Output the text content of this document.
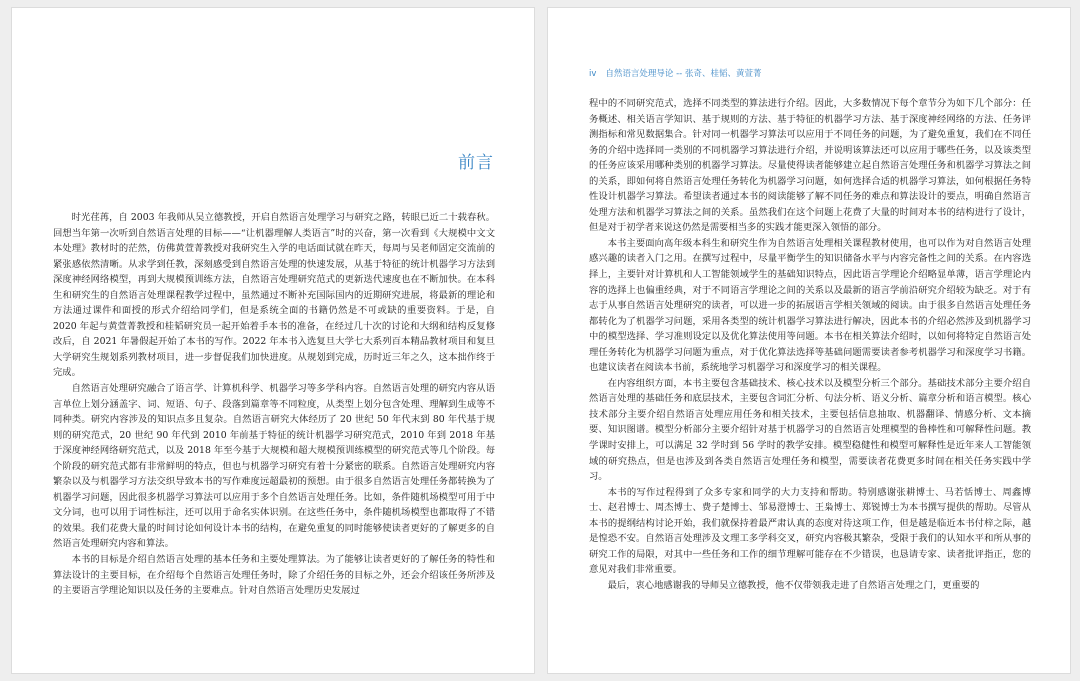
前言

时光荏苒，自 2003 年我师从吴立德教授，开启自然语言处理学习与研究之路，转眼已近二十载春秋。回想当年第一次听到自然语言处理的目标——“让机器理解人类语言”时的兴奋，第一次看到《大规模中文文本处理》教材时的茫然，仿佛黄萱菁教授对我研究生入学的电话面试就在昨天，每周与吴老师固定交流前的紧张感依然清晰。从求学到任教，深刻感受到自然语言处理的快速发展，从基于特征的统计机器学习方法到深度神经网络模型，再到大规模预训练方法，自然语言处理研究范式的更新迭代速度也在不断加快。在本科生和研究生的自然语言处理课程教学过程中，虽然通过不断补充国际国内的近期研究进展，将最新的理论和方法通过课件和面授的形式介绍给同学们，但是系统全面的书籍仍然是不可或缺的重要资料。于是，自 2020 年起与黄萱菁教授和桂韬研究员一起开始着手本书的准备，在经过几十次的讨论和大纲和结构反复修改后，自 2021 年暑假起开始了本书的写作。2022 年本书入选复旦大学七大系列百本精品教材项目和复旦大学研究生规划系列教材项目，进一步督促我们加快进度。从规划到完成，历时近三年之久，这本拙作终于完成。

自然语言处理研究融合了语言学、计算机科学、机器学习等多学科内容。自然语言处理的研究内容从语言单位上划分涵盖字、词、短语、句子、段落到篇章等不同粒度，从类型上划分包含处理、理解到生成等不同种类。研究内容涉及的知识点多且复杂。自然语言研究大体经历了 20 世纪 50 年代末到 80 年代基于规则的研究范式，20 世纪 90 年代到 2010 年前基于特征的统计机器学习研究范式，2010 年到 2018 年基于深度神经网络研究范式，以及 2018 年至今基于大规模和超大规模预训练模型的研究范式等几个阶段。每个阶段的研究范式都有非常鲜明的特点，但也与机器学习研究有着十分紧密的联系。自然语言处理研究内容繁杂以及与机器学习方法交织导致本书的写作难度远超最初的预想。由于很多自然语言处理任务都转换为了机器学习问题，因此很多机器学习算法可以应用于多个自然语言处理任务。比如，条件随机场模型可用于中文分词，也可以用于词性标注，还可以用于命名实体识别。在这些任务中，条件随机场模型也都取得了不错的效果。我们花费大量的时间讨论如何设计本书的结构，在避免重复的同时能够使读者更好的了解更多的自然语言处理研究内容和算法。

本书的目标是介绍自然语言处理的基本任务和主要处理算法。为了能够让读者更好的了解任务的特性和算法设计的主要目标，在介绍每个自然语言处理任务时，除了介绍任务的目标之外，还会介绍该任务所涉及的主要语言学理论知识以及任务的主要难点。针对自然语言处理历史发展过

iv 自然语言处理导论 -- 张奇、桂韬、黄萱菁

程中的不同研究范式，选择不同类型的算法进行介绍。因此，大多数情况下每个章节分为如下几个部分：任务概述、相关语言学知识、基于规则的方法、基于特征的机器学习方法、基于深度神经网络的方法、任务评测指标和常见数据集合。针对同一机器学习算法可以应用于不同任务的问题，为了避免重复，我们在不同任务的介绍中选择同一类别的不同机器学习算法进行介绍，并说明该算法还可以应用于哪些任务，以及该类型的任务应该采用哪种类别的机器学习算法。尽量使得读者能够建立起自然语言处理任务和机器学习算法之间的关系，即如何将自然语言处理任务转化为机器学习问题，如何选择合适的机器学习算法，如何根据任务特性设计机器学习算法。希望读者通过本书的阅读能够了解不同任务的难点和算法设计的要点，明确自然语言处理方法和机器学习算法之间的关系。虽然我们在这个问题上花费了大量的时间对本书的结构进行了设计，但是对于初学者来说这仍然是需要相当多的实践才能更深入领悟的部分。

本书主要面向高年级本科生和研究生作为自然语言处理相关课程教材使用，也可以作为对自然语言处理感兴趣的读者入门之用。在撰写过程中，尽量平衡学生的知识储备水平与内容完备性之间的关系。在内容选择上，主要针对计算机和人工智能领域学生的基础知识特点，因此语言学理论介绍略显单薄，语言学理论内容的选择上也偏重经典，对于不同语言学理论之间的关系以及最新的语言学前沿研究介绍较为缺乏。对于有志于从事自然语言处理研究的读者，可以进一步的拓展语言学相关领域的阅读。由于很多自然语言处理任务都转化为了机器学习问题，采用各类型的统计机器学习算法进行解决，因此本书的介绍必然涉及到机器学习中的模型选择、学习准则设定以及优化算法使用等问题。本书在相关算法介绍时，以如何将特定自然语言处理任务转化为机器学习问题为重点，对于优化算法选择等基础问题需要读者参考机器学习和深度学习书籍。也建议读者在阅读本书前，系统地学习机器学习和深度学习的相关课程。

在内容组织方面，本书主要包含基础技术、核心技术以及模型分析三个部分。基础技术部分主要介绍自然语言处理的基础任务和底层技术，主要包含词汇分析、句法分析、语义分析、篇章分析和语言模型。核心技术部分主要介绍自然语言处理应用任务和相关技术，主要包括信息抽取、机器翻译、情感分析、文本摘要、知识图谱。模型分析部分主要介绍针对基于机器学习的自然语言处理模型的鲁棒性和可解释性问题。教学课时安排上，可以满足 32 学时到 56 学时的教学安排。模型稳健性和模型可解释性是近年来人工智能领域的研究热点，但是也涉及到各类自然语言处理任务和模型，需要读者花费更多时间在相关任务实践中学习。

本书的写作过程得到了众多专家和同学的大力支持和帮助。特别感谢张耕博士、马若恬博士、周鑫博士、赵君博士、周杰博士、费子楚博士、邹易澄博士、王枭博士、郑锐博士为本书撰写提供的帮助。尽管从本书的提纲结构讨论开始，我们就保持着最严肃认真的态度对待这项工作，但是越是临近本书付梓之际，越是惶恐不安。自然语言处理涉及文理工多学科交叉，研究内容极其繁杂，受限于我们的认知水平和所从事的研究工作的局限，对其中一些任务和工作的细节理解可能存在不少错误，也恳请专家、读者批评指正，您的意见对我们非常重要。

最后，衷心地感谢我的导师吴立德教授，他不仅带领我走进了自然语言处理之门，更重要的
